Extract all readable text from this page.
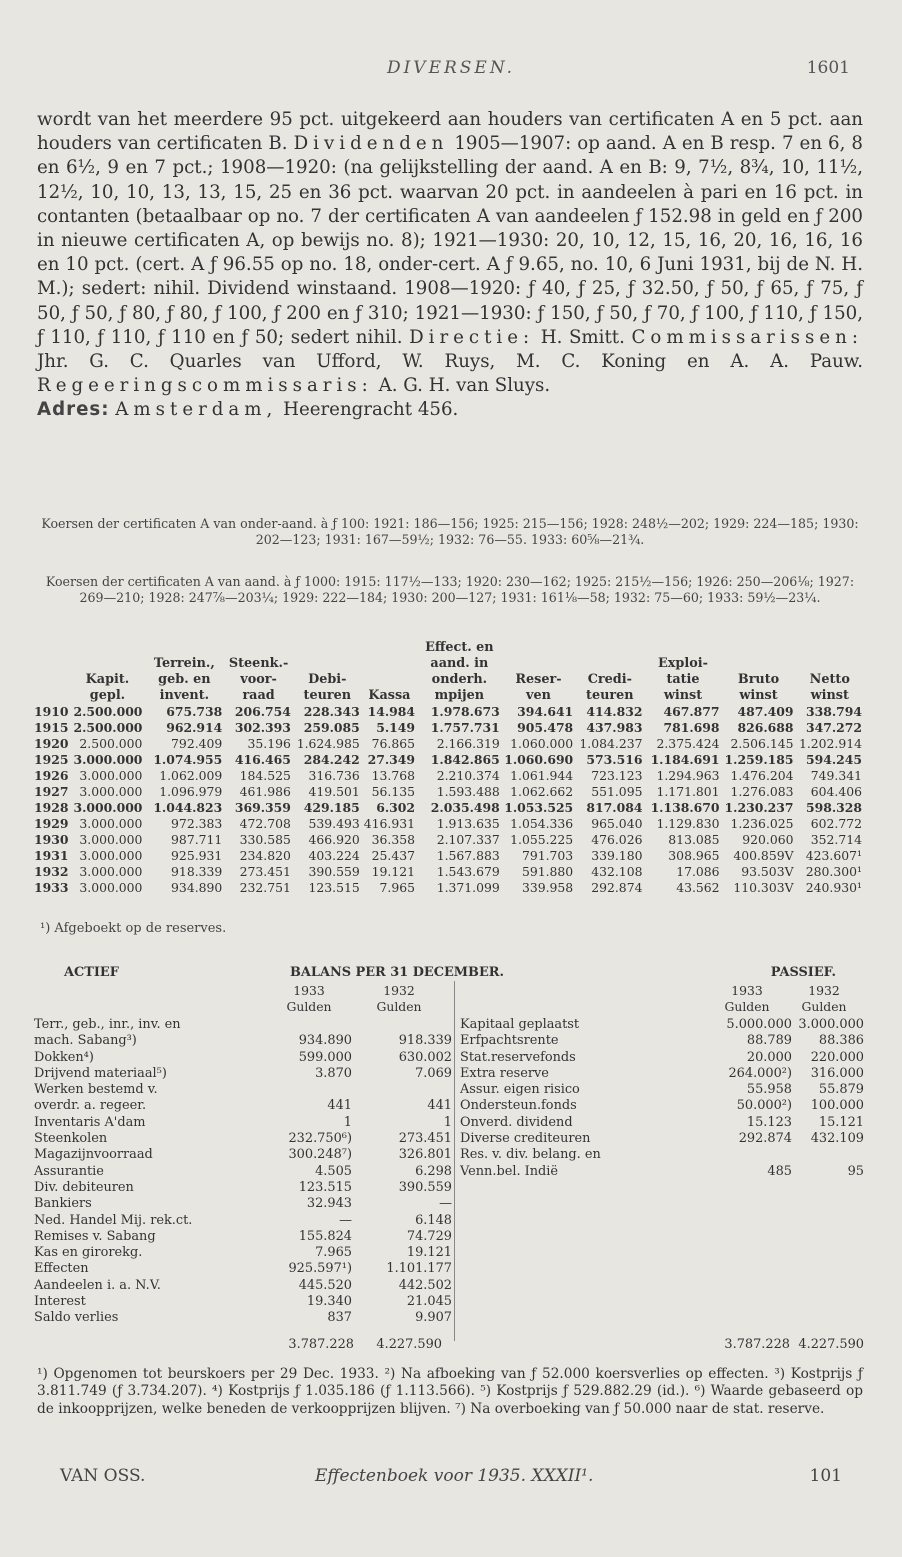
DIVERSEN.	1601

wordt van het meerdere 95 pct. uitgekeerd aan houders van certificaten A en 5 pct. aan houders van certificaten B. Dividenden 1905—1907: op aand. A en B resp. 7 en 6, 8 en 6½, 9 en 7 pct.; 1908—1920: (na gelijkstelling der aand. A en B: 9, 7½, 8¾, 10, 11½, 12½, 10, 10, 13, 13, 15, 25 en 36 pct. waarvan 20 pct. in aandeelen à pari en 16 pct. in contanten (betaalbaar op no. 7 der certificaten A van aandeelen ƒ 152.98 in geld en ƒ 200 in nieuwe certificaten A, op bewijs no. 8); 1921—1930: 20, 10, 12, 15, 16, 20, 16, 16, 16 en 10 pct. (cert. A ƒ 96.55 op no. 18, onder-cert. A ƒ 9.65, no. 10, 6 Juni 1931, bij de N. H. M.); sedert: nihil. Dividend winstaand. 1908—1920: ƒ 40, ƒ 25, ƒ 32.50, ƒ 50, ƒ 65, ƒ 75, ƒ 50, ƒ 50, ƒ 80, ƒ 80, ƒ 100, ƒ 200 en ƒ 310; 1921—1930: ƒ 150, ƒ 50, ƒ 70, ƒ 100, ƒ 110, ƒ 150, ƒ 110, ƒ 110, ƒ 110 en ƒ 50; sedert nihil. Directie: H. Smitt. Commissarissen: Jhr. G. C. Quarles van Ufford, W. Ruys, M. C. Koning en A. A. Pauw. Regeeringscommissaris: A. G. H. van Sluys.
Adres: Amsterdam, Heerengracht 456.

Koersen der certificaten A van onder-aand. à ƒ 100: 1921: 186—156; 1925: 215—156; 1928: 248½—202; 1929: 224—185; 1930: 202—123; 1931: 167—59½; 1932: 76—55. 1933: 60⅝—21¾.
Koersen der certificaten A van aand. à ƒ 1000: 1915: 117½—133; 1920: 230—162; 1925: 215½—156; 1926: 250—206⅛; 1927: 269—210; 1928: 247⅞—203¼; 1929: 222—184; 1930: 200—127; 1931: 161⅛—58; 1932: 75—60; 1933: 59½—23¼.
	Kapit. gepl.	Terrein., geb. en invent.	Steenk.- voor- raad	Debi- teuren	Kassa	Effect. en aand. in onderh. mpijen	Reser- ven	Credi- teuren	Exploi- tatie winst	Bruto winst	Netto winst
1910	2.500.000	675.738	206.754	228.343	14.984	1.978.673	394.641	414.832	467.877	487.409	338.794
1915	2.500.000	962.914	302.393	259.085	5.149	1.757.731	905.478	437.983	781.698	826.688	347.272
1920	2.500.000	792.409	35.196	1.624.985	76.865	2.166.319	1.060.000	1.084.237	2.375.424	2.506.145	1.202.914
1925	3.000.000	1.074.955	416.465	284.242	27.349	1.842.865	1.060.690	573.516	1.184.691	1.259.185	594.245
1926	3.000.000	1.062.009	184.525	316.736	13.768	2.210.374	1.061.944	723.123	1.294.963	1.476.204	749.341
1927	3.000.000	1.096.979	461.986	419.501	56.135	1.593.488	1.062.662	551.095	1.171.801	1.276.083	604.406
1928	3.000.000	1.044.823	369.359	429.185	6.302	2.035.498	1.053.525	817.084	1.138.670	1.230.237	598.328
1929	3.000.000	972.383	472.708	539.493	416.931	1.913.635	1.054.336	965.040	1.129.830	1.236.025	602.772
1930	3.000.000	987.711	330.585	466.920	36.358	2.107.337	1.055.225	476.026	813.085	920.060	352.714
1931	3.000.000	925.931	234.820	403.224	25.437	1.567.883	791.703	339.180	308.965	400.859V	423.607¹
1932	3.000.000	918.339	273.451	390.559	19.121	1.543.679	591.880	432.108	17.086	93.503V	280.300¹
1933	3.000.000	934.890	232.751	123.515	7.965	1.371.099	339.958	292.874	43.562	110.303V	240.930¹
¹) Afgeboekt op de reserves.
ACTIEF	BALANS PER 31 DECEMBER.	PASSIEF.
1933
Gulden
1932
Gulden
1933
Gulden
1932
Gulden
Terr., geb., inr., inv. en
mach. Sabang³)	934.890	918.339
Dokken⁴)	599.000	630.002
Drijvend materiaal⁵)	3.870	7.069
Werken bestemd v.
overdr. a. regeer.	441	441
Inventaris A'dam	1	1
Steenkolen	232.750⁶)	273.451
Magazijnvoorraad	300.248⁷)	326.801
Assurantie	4.505	6.298
Div. debiteuren	123.515	390.559
Bankiers	32.943	—
Ned. Handel Mij. rek.ct.	—	6.148
Remises v. Sabang	155.824	74.729
Kas en girorekg.	7.965	19.121
Effecten	925.597¹)	1.101.177
Aandeelen i. a. N.V.	445.520	442.502
Interest	19.340	21.045
Saldo verlies	837	9.907
Kapitaal geplaatst	5.000.000 3.000.000
Erfpachtsrente	88.789	88.386
Stat.reservefonds	20.000	220.000
Extra reserve	264.000²)	316.000
Assur. eigen risico	55.958	55.879
Ondersteun.fonds	50.000²)	100.000
Onverd. dividend	15.123	15.121
Diverse crediteuren	292.874	432.109
Res. v. div. belang. en
Venn.bel. Indië	485	95
3.787.228	4.227.590	3.787.228 4.227.590
¹) Opgenomen tot beurskoers per 29 Dec. 1933. ²) Na afboeking van ƒ 52.000 koersverlies op effecten. ³) Kostprijs ƒ 3.811.749 (ƒ 3.734.207). ⁴) Kostprijs ƒ 1.035.186 (ƒ 1.113.566). ⁵) Kostprijs ƒ 529.882.29 (id.). ⁶) Waarde gebaseerd op de inkoopprijzen, welke beneden de verkoopprijzen blijven. ⁷) Na overboeking van ƒ 50.000 naar de stat. reserve.
VAN OSS.	Effectenboek voor 1935. XXXII¹.	101
